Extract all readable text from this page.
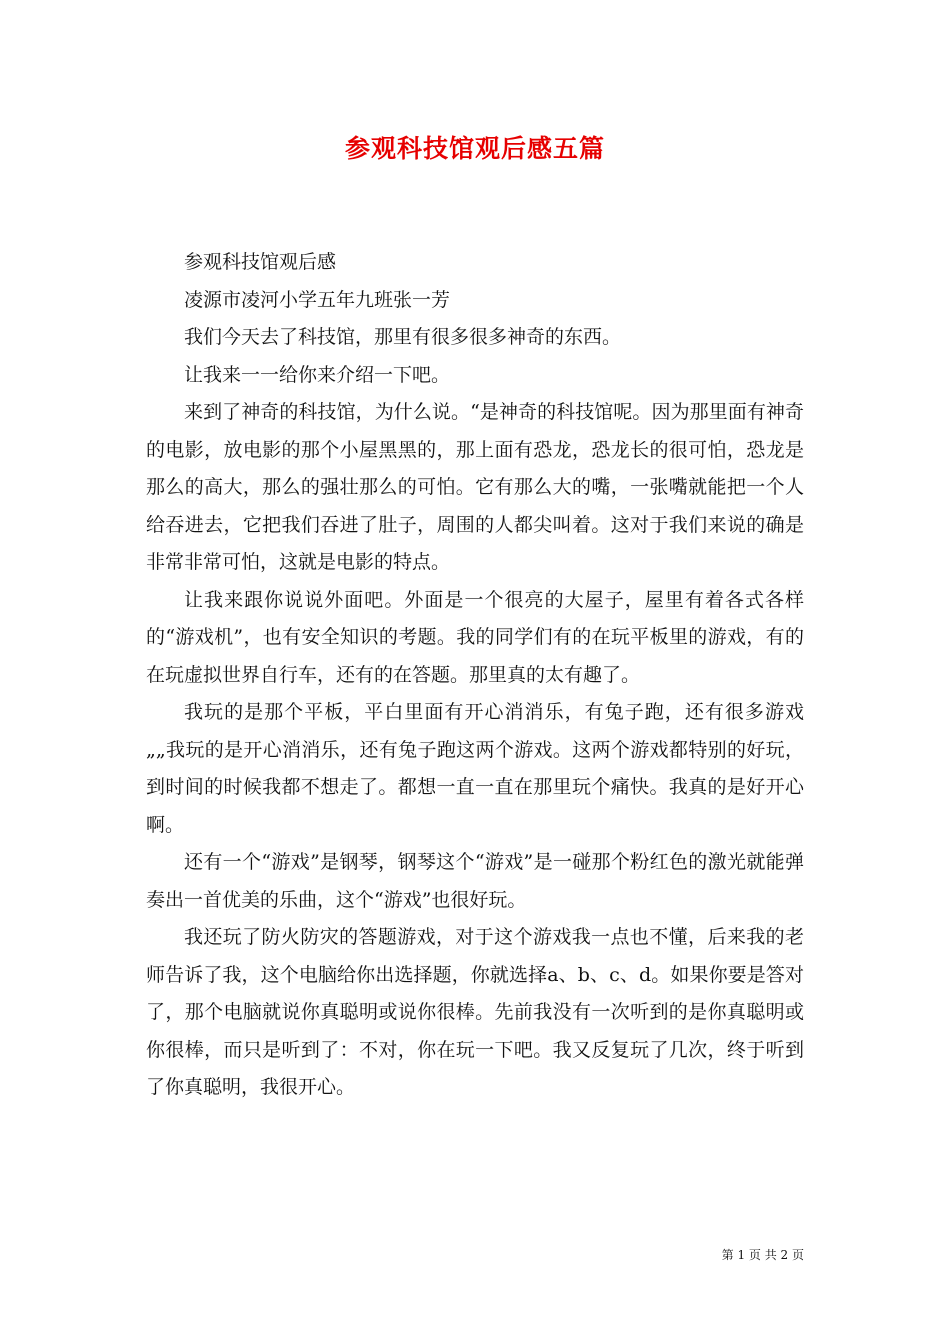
参观科技馆观后感五篇

参观科技馆观后感

凌源市凌河小学五年九班张一芳

我们今天去了科技馆，那里有很多很多神奇的东西。

让我来一一给你来介绍一下吧。

来到了神奇的科技馆，为什么说。“是神奇的科技馆呢。因为那里面有神奇的电影，放电影的那个小屋黑黑的，那上面有恐龙，恐龙长的很可怕，恐龙是那么的高大，那么的强壮那么的可怕。它有那么大的嘴，一张嘴就能把一个人给吞进去，它把我们吞进了肚子，周围的人都尖叫着。这对于我们来说的确是非常非常可怕，这就是电影的特点。

让我来跟你说说外面吧。外面是一个很亮的大屋子，屋里有着各式各样的“游戏机”，也有安全知识的考题。我的同学们有的在玩平板里的游戏，有的在玩虚拟世界自行车，还有的在答题。那里真的太有趣了。

我玩的是那个平板，平白里面有开心消消乐，有兔子跑，还有很多游戏„„我玩的是开心消消乐，还有兔子跑这两个游戏。这两个游戏都特别的好玩，到时间的时候我都不想走了。都想一直一直在那里玩个痛快。我真的是好开心啊。

还有一个“游戏”是钢琴，钢琴这个“游戏”是一碰那个粉红色的激光就能弹奏出一首优美的乐曲，这个“游戏”也很好玩。

我还玩了防火防灾的答题游戏，对于这个游戏我一点也不懂，后来我的老师告诉了我，这个电脑给你出选择题，你就选择a、b、c、d。如果你要是答对了，那个电脑就说你真聪明或说你很棒。先前我没有一次听到的是你真聪明或你很棒，而只是听到了：不对，你在玩一下吧。我又反复玩了几次，终于听到了你真聪明，我很开心。

第 1 页 共 2 页
